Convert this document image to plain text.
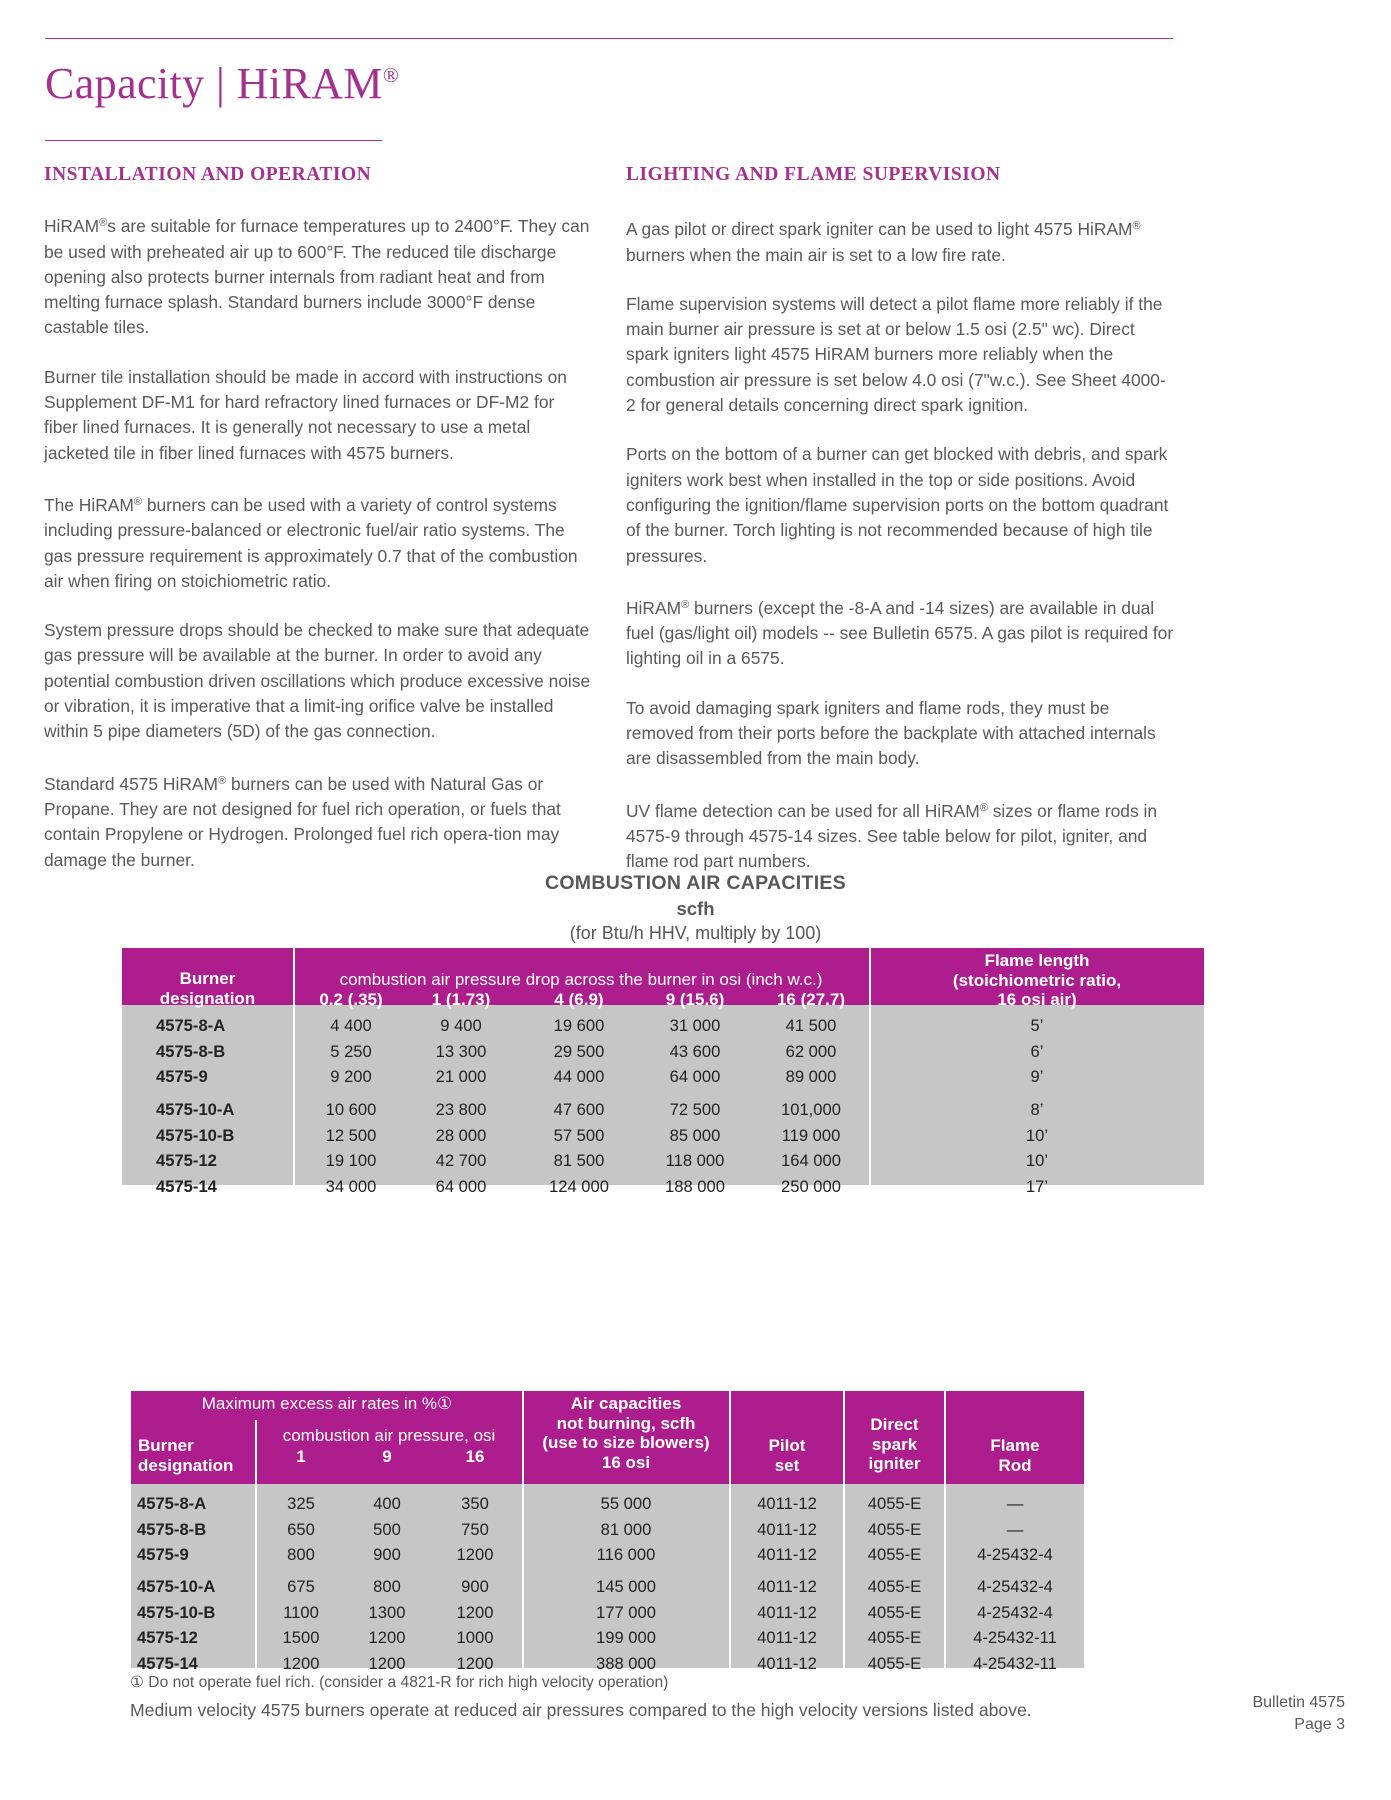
Capacity | HiRAM®
INSTALLATION AND OPERATION

HiRAM®s are suitable for furnace temperatures up to 2400°F. They can be used with preheated air up to 600°F. The reduced tile discharge opening also protects burner internals from radiant heat and from melting furnace splash. Standard burners include 3000°F dense castable tiles.

Burner tile installation should be made in accord with instructions on Supplement DF-M1 for hard refractory lined furnaces or DF-M2 for fiber lined furnaces. It is generally not necessary to use a metal jacketed tile in fiber lined furnaces with 4575 burners.

The HiRAM® burners can be used with a variety of control systems including pressure-balanced or electronic fuel/air ratio systems. The gas pressure requirement is approximately 0.7 that of the combustion air when firing on stoichiometric ratio.

System pressure drops should be checked to make sure that adequate gas pressure will be available at the burner. In order to avoid any potential combustion driven oscillations which produce excessive noise or vibration, it is imperative that a limit-ing orifice valve be installed within 5 pipe diameters (5D) of the gas connection.

Standard 4575 HiRAM® burners can be used with Natural Gas or Propane. They are not designed for fuel rich operation, or fuels that contain Propylene or Hydrogen. Prolonged fuel rich opera-tion may damage the burner.

LIGHTING AND FLAME SUPERVISION

A gas pilot or direct spark igniter can be used to light 4575 HiRAM® burners when the main air is set to a low fire rate.

Flame supervision systems will detect a pilot flame more reliably if the main burner air pressure is set at or below 1.5 osi (2.5" wc). Direct spark igniters light 4575 HiRAM burners more reliably when the combustion air pressure is set below 4.0 osi (7"w.c.). See Sheet 4000-2 for general details concerning direct spark ignition.

Ports on the bottom of a burner can get blocked with debris, and spark igniters work best when installed in the top or side positions. Avoid configuring the ignition/flame supervision ports on the bottom quadrant of the burner. Torch lighting is not recommended because of high tile pressures.

HiRAM® burners (except the -8-A and -14 sizes) are available in dual fuel (gas/light oil) models -- see Bulletin 6575. A gas pilot is required for lighting oil in a 6575.

To avoid damaging spark igniters and flame rods, they must be removed from their ports before the backplate with attached internals are disassembled from the main body.

UV flame detection can be used for all HiRAM® sizes or flame rods in 4575-9 through 4575-14 sizes. See table below for pilot, igniter, and flame rod part numbers.

COMBUSTION AIR CAPACITIES
scfh
(for Btu/h HHV, multiply by 100)
Burner
designation
combustion air pressure drop across the burner in osi (inch w.c.)
0.2 (.35)	1 (1.73)	4 (6.9)	9 (15.6)	16 (27.7)
Flame length
(stoichiometric ratio,
16 osi air)
4575-8-A	4 400	9 400	19 600	31 000	41 500	5’
4575-8-B	5 250	13 300	29 500	43 600	62 000	6’
4575-9	9 200	21 000	44 000	64 000	89 000	9’
4575-10-A	10 600	23 800	47 600	72 500	101,000	8’
4575-10-B	12 500	28 000	57 500	85 000	119 000	10’
4575-12	19 100	42 700	81 500	118 000	164 000	10’
4575-14	34 000	64 000	124 000	188 000	250 000	17’
Maximum excess air rates in %①
Burner
designation
combustion air pressure, osi
1	9	16
Air capacities
not burning, scfh
(use to size blowers)
16 osi
Pilot
set
Direct
spark
igniter
Flame
Rod
4575-8-A	325	400	350	55 000	4011-12	4055-E	—
4575-8-B	650	500	750	81 000	4011-12	4055-E	—
4575-9	800	900	1200	116 000	4011-12	4055-E	4-25432-4
4575-10-A	675	800	900	145 000	4011-12	4055-E	4-25432-4
4575-10-B	1100	1300	1200	177 000	4011-12	4055-E	4-25432-4
4575-12	1500	1200	1000	199 000	4011-12	4055-E	4-25432-11
4575-14	1200	1200	1200	388 000	4011-12	4055-E	4-25432-11
① Do not operate fuel rich. (consider a 4821-R for rich high velocity operation)
Medium velocity 4575 burners operate at reduced air pressures compared to the high velocity versions listed above.	Bulletin 4575
Page 3
